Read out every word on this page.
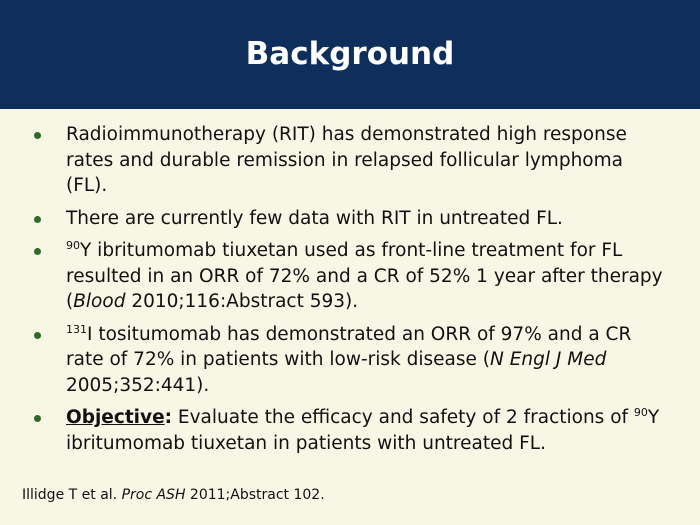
Background
Radioimmunotherapy (RIT) has demonstrated high response rates and durable remission in relapsed follicular lymphoma (FL).
There are currently few data with RIT in untreated FL.
$^{90}$Y ibritumomab tiuxetan used as front-line treatment for FL resulted in an ORR of 72% and a CR of 52% 1 year after therapy (Blood 2010;116:Abstract 593).
$^{131}$I tositumomab has demonstrated an ORR of 97% and a CR rate of 72% in patients with low-risk disease (N Engl J Med 2005;352:441).
Objective: Evaluate the efficacy and safety of 2 fractions of $^{90}$Y ibritumomab tiuxetan in patients with untreated FL.
Illidge T et al. Proc ASH 2011;Abstract 102.
